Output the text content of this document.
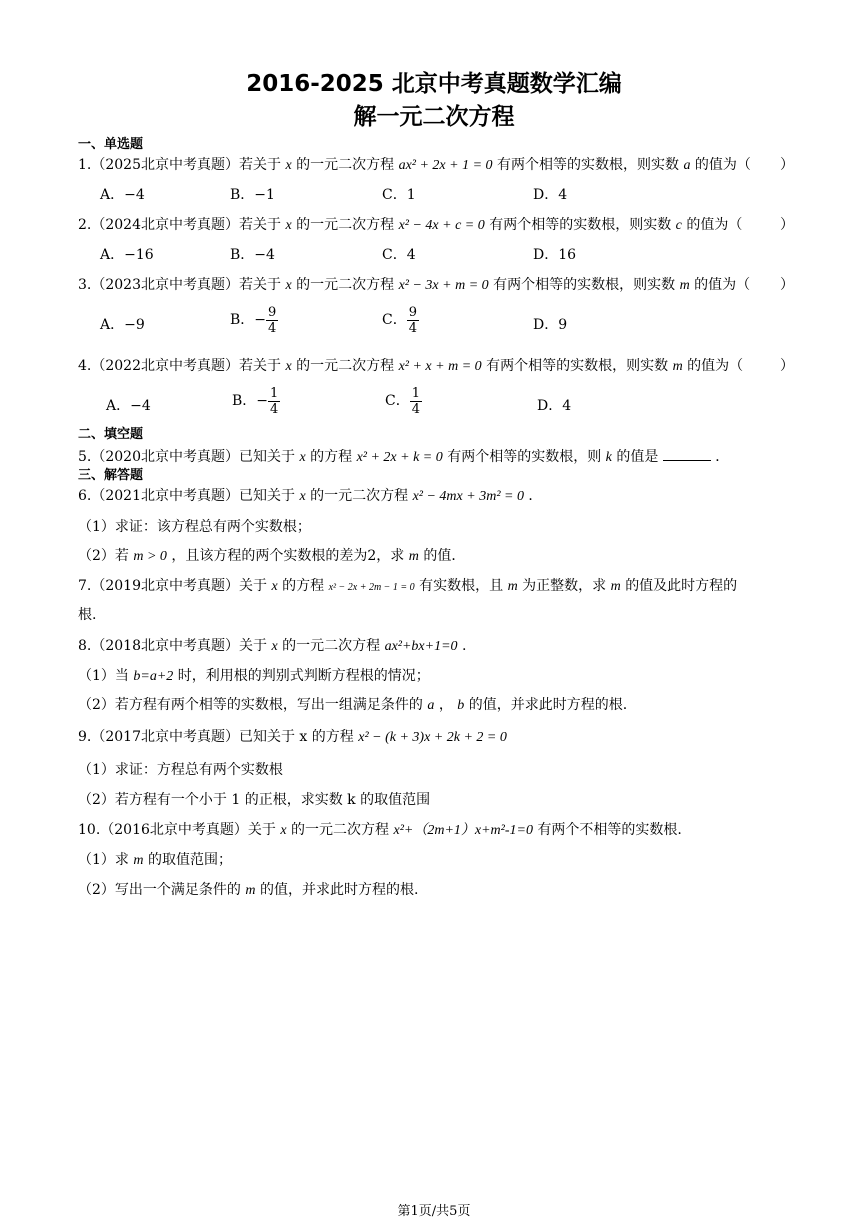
2016-2025 北京中考真题数学汇编
解一元二次方程
一、单选题
1.（2025北京中考真题）若关于 x 的一元二次方程 ax² + 2x + 1 = 0 有两个相等的实数根，则实数 a 的值为（ ）
A．−4	B．−1	C．1	D．4
2.（2024北京中考真题）若关于 x 的一元二次方程 x² − 4x + c = 0 有两个相等的实数根，则实数 c 的值为（	）
A．−16	B．−4	C．4	D．16
3.（2023北京中考真题）若关于 x 的一元二次方程 x² − 3x + m = 0 有两个相等的实数根，则实数 m 的值为（ ）
A．−9	B．− $\frac{9}{4}$	C． $\frac{9}{4}$	D．9
4.（2022北京中考真题）若关于 x 的一元二次方程 x² + x + m = 0 有两个相等的实数根，则实数 m 的值为（	）
A．−4	B．− $\frac{1}{4}$	C． $\frac{1}{4}$	D．4
二、填空题
5.（2020北京中考真题）已知关于 x 的方程 x² + 2x + k = 0 有两个相等的实数根，则 k 的值是	．
三、解答题
6.（2021北京中考真题）已知关于 x 的一元二次方程 x² − 4mx + 3m² = 0 ．
（1）求证：该方程总有两个实数根；
（2）若 m > 0 ，且该方程的两个实数根的差为2，求 m 的值．
7.（2019北京中考真题）关于 x 的方程 x² − 2x + 2m − 1 = 0 有实数根，且 m 为正整数，求 m 的值及此时方程的
根.
8.（2018北京中考真题）关于 x 的一元二次方程 ax²+bx+1=0 .
（1）当 b=a+2 时，利用根的判别式判断方程根的情况；
（2）若方程有两个相等的实数根，写出一组满足条件的 a ， b 的值，并求此时方程的根.
9.（2017北京中考真题）已知关于 x 的方程 x² − (k + 3)x + 2k + 2 = 0
（1）求证：方程总有两个实数根
（2）若方程有一个小于 1 的正根，求实数 k 的取值范围
10.（2016北京中考真题）关于 x 的一元二次方程 x²+（2m+1）x+m²-1=0 有两个不相等的实数根.
（1）求 m 的取值范围；
（2）写出一个满足条件的 m 的值，并求此时方程的根.
第1页/共5页
